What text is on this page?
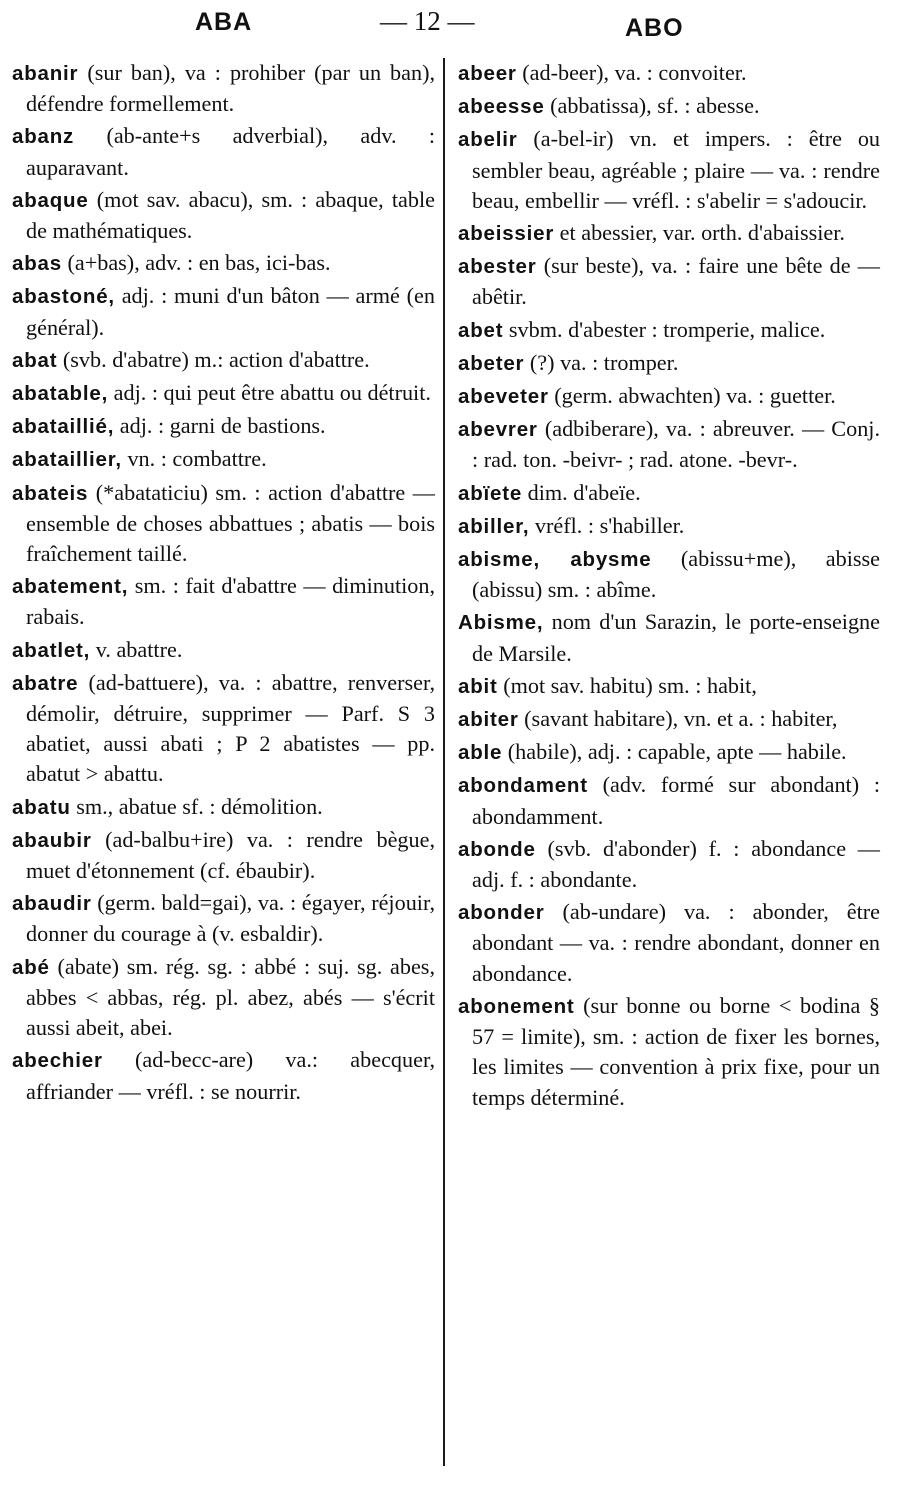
ABA	— 12 —	ABO

abanir (sur ban), va : prohiber (par un ban), défendre formellement.

abanz (ab-ante+s adverbial), adv. : auparavant.

abaque (mot sav. abacu), sm. : abaque, table de mathématiques.

abas (a+bas), adv. : en bas, ici-bas.

abastoné, adj. : muni d'un bâton — armé (en général).

abat (svb. d'abatre) m.: action d'abattre.

abatable, adj. : qui peut être abattu ou détruit.

abataillié, adj. : garni de bastions.

abataillier, vn. : combattre.

abateis (*abataticiu) sm. : action d'abattre — ensemble de choses abbattues ; abatis — bois fraîchement taillé.

abatement, sm. : fait d'abattre — diminution, rabais.

abatlet, v. abattre.

abatre (ad-battuere), va. : abattre, renverser, démolir, détruire, supprimer — Parf. S 3 abatiet, aussi abati ; P 2 abatistes — pp. abatut > abattu.

abatu sm., abatue sf. : démolition.

abaubir (ad-balbu+ire) va. : rendre bègue, muet d'étonnement (cf. ébaubir).

abaudir (germ. bald=gai), va. : égayer, réjouir, donner du courage à (v. esbaldir).

abé (abate) sm. rég. sg. : abbé : suj. sg. abes, abbes < abbas, rég. pl. abez, abés — s'écrit aussi abeit, abei.

abechier (ad-becc-are) va.: abecquer, affriander — vréfl. : se nourrir.

abeer (ad-beer), va. : convoiter.

abeesse (abbatissa), sf. : abesse.

abelir (a-bel-ir) vn. et impers. : être ou sembler beau, agréable ; plaire — va. : rendre beau, embellir — vréfl. : s'abelir = s'adoucir.

abeissier et abessier, var. orth. d'abaissier.

abester (sur beste), va. : faire une bête de — abêtir.

abet svbm. d'abester : tromperie, malice.

abeter (?) va. : tromper.

abeveter (germ. abwachten) va. : guetter.

abevrer (adbiberare), va. : abreuver. — Conj. : rad. ton. -beivr- ; rad. atone. -bevr-.

abïete dim. d'abeïe.

abiller, vréfl. : s'habiller.

abisme, abysme (abissu+me), abisse (abissu) sm. : abîme.

Abisme, nom d'un Sarazin, le porte-enseigne de Marsile.

abit (mot sav. habitu) sm. : habit,

abiter (savant habitare), vn. et a. : habiter,

able (habile), adj. : capable, apte — habile.

abondament (adv. formé sur abondant) : abondamment.

abonde (svb. d'abonder) f. : abondance — adj. f. : abondante.

abonder (ab-undare) va. : abonder, être abondant — va. : rendre abondant, donner en abondance.

abonement (sur bonne ou borne < bodina § 57 = limite), sm. : action de fixer les bornes, les limites — convention à prix fixe, pour un temps déterminé.
